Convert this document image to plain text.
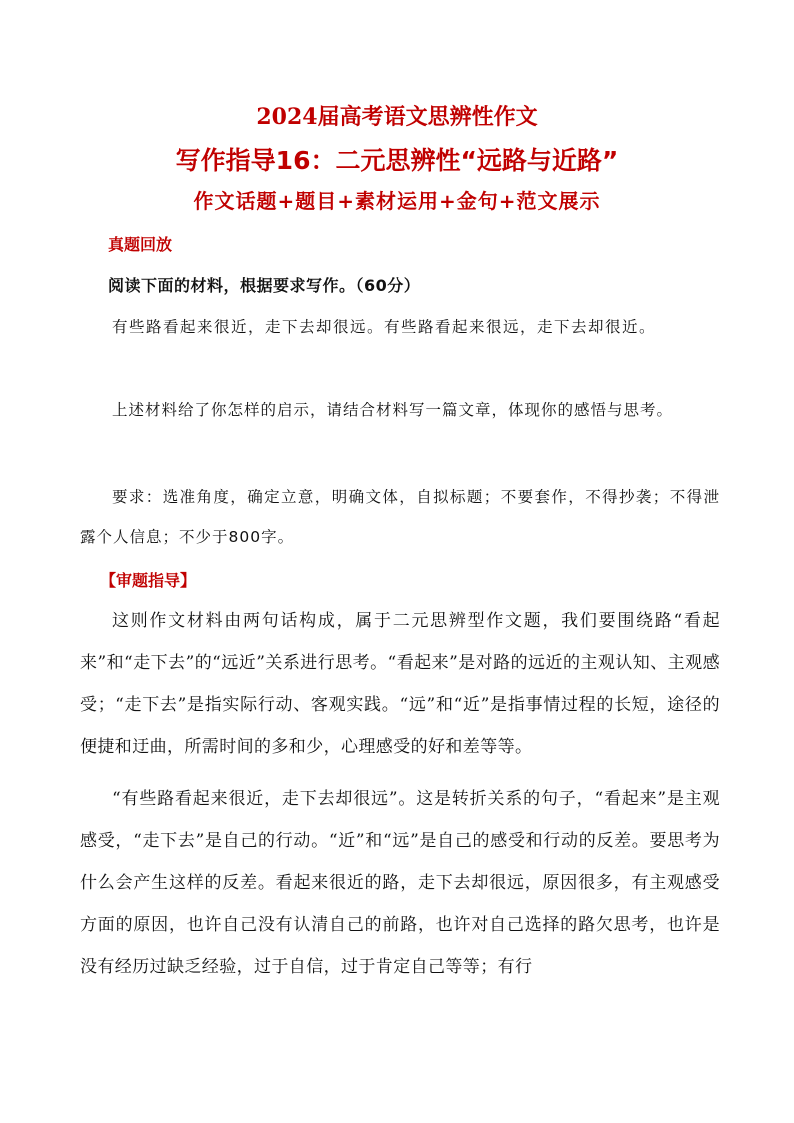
2024届高考语文思辨性作文
写作指导16：二元思辨性“远路与近路”
作文话题+题目+素材运用+金句+范文展示
真题回放
阅读下面的材料，根据要求写作。（60分）

有些路看起来很近，走下去却很远。有些路看起来很远，走下去却很近。

上述材料给了你怎样的启示，请结合材料写一篇文章，体现你的感悟与思考。

要求：选准角度，确定立意，明确文体，自拟标题；不要套作，不得抄袭；不得泄露个人信息；不少于800字。

【审题指导】

这则作文材料由两句话构成，属于二元思辨型作文题，我们要围绕路“看起来”和“走下去”的“远近”关系进行思考。“看起来”是对路的远近的主观认知、主观感受；“走下去”是指实际行动、客观实践。“远”和“近”是指事情过程的长短，途径的便捷和迂曲，所需时间的多和少，心理感受的好和差等等。

“有些路看起来很近，走下去却很远”。这是转折关系的句子，“看起来”是主观感受，“走下去”是自己的行动。“近”和“远”是自己的感受和行动的反差。要思考为什么会产生这样的反差。看起来很近的路，走下去却很远，原因很多，有主观感受方面的原因，也许自己没有认清自己的前路，也许对自己选择的路欠思考，也许是没有经历过缺乏经验，过于自信，过于肯定自己等等；有行
